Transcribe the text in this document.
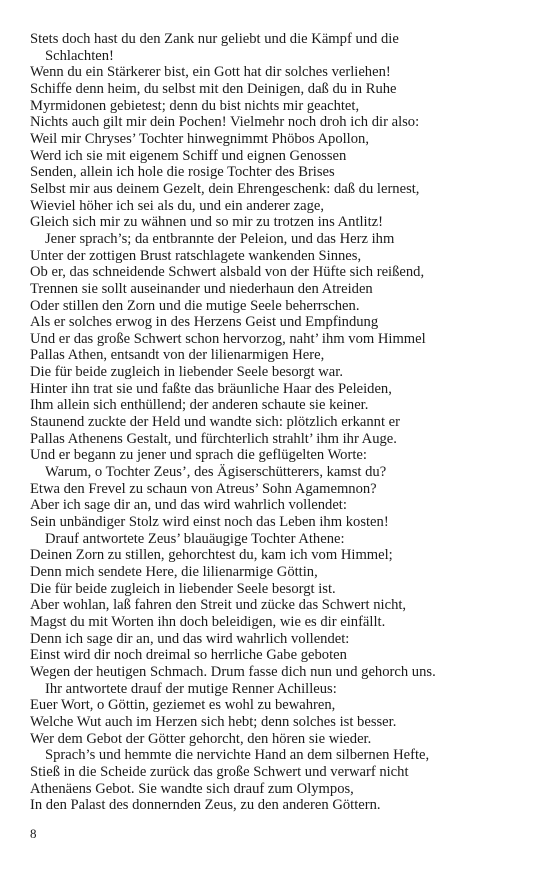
Stets doch hast du den Zank nur geliebt und die Kämpf und die
Schlachten!
Wenn du ein Stärkerer bist, ein Gott hat dir solches verliehen!
Schiffe denn heim, du selbst mit den Deinigen, daß du in Ruhe
Myrmidonen gebietest; denn du bist nichts mir geachtet,
Nichts auch gilt mir dein Pochen! Vielmehr noch droh ich dir also:
Weil mir Chryses’ Tochter hinwegnimmt Phöbos Apollon,
Werd ich sie mit eigenem Schiff und eignen Genossen
Senden, allein ich hole die rosige Tochter des Brises
Selbst mir aus deinem Gezelt, dein Ehrengeschenk: daß du lernest,
Wieviel höher ich sei als du, und ein anderer zage,
Gleich sich mir zu wähnen und so mir zu trotzen ins Antlitz!
Jener sprach’s; da entbrannte der Peleion, und das Herz ihm
Unter der zottigen Brust ratschlagete wankenden Sinnes,
Ob er, das schneidende Schwert alsbald von der Hüfte sich reißend,
Trennen sie sollt auseinander und niederhaun den Atreiden
Oder stillen den Zorn und die mutige Seele beherrschen.
Als er solches erwog in des Herzens Geist und Empfindung
Und er das große Schwert schon hervorzog, naht’ ihm vom Himmel
Pallas Athen, entsandt von der lilienarmigen Here,
Die für beide zugleich in liebender Seele besorgt war.
Hinter ihn trat sie und faßte das bräunliche Haar des Peleiden,
Ihm allein sich enthüllend; der anderen schaute sie keiner.
Staunend zuckte der Held und wandte sich: plötzlich erkannt er
Pallas Athenens Gestalt, und fürchterlich strahlt’ ihm ihr Auge.
Und er begann zu jener und sprach die geflügelten Worte:
Warum, o Tochter Zeus’, des Ägiserschütterers, kamst du?
Etwa den Frevel zu schaun von Atreus’ Sohn Agamemnon?
Aber ich sage dir an, und das wird wahrlich vollendet:
Sein unbändiger Stolz wird einst noch das Leben ihm kosten!
Drauf antwortete Zeus’ blauäugige Tochter Athene:
Deinen Zorn zu stillen, gehorchtest du, kam ich vom Himmel;
Denn mich sendete Here, die lilienarmige Göttin,
Die für beide zugleich in liebender Seele besorgt ist.
Aber wohlan, laß fahren den Streit und zücke das Schwert nicht,
Magst du mit Worten ihn doch beleidigen, wie es dir einfällt.
Denn ich sage dir an, und das wird wahrlich vollendet:
Einst wird dir noch dreimal so herrliche Gabe geboten
Wegen der heutigen Schmach. Drum fasse dich nun und gehorch uns.
Ihr antwortete drauf der mutige Renner Achilleus:
Euer Wort, o Göttin, geziemet es wohl zu bewahren,
Welche Wut auch im Herzen sich hebt; denn solches ist besser.
Wer dem Gebot der Götter gehorcht, den hören sie wieder.
Sprach’s und hemmte die nervichte Hand an dem silbernen Hefte,
Stieß in die Scheide zurück das große Schwert und verwarf nicht
Athenäens Gebot. Sie wandte sich drauf zum Olympos,
In den Palast des donnernden Zeus, zu den anderen Göttern.
8
